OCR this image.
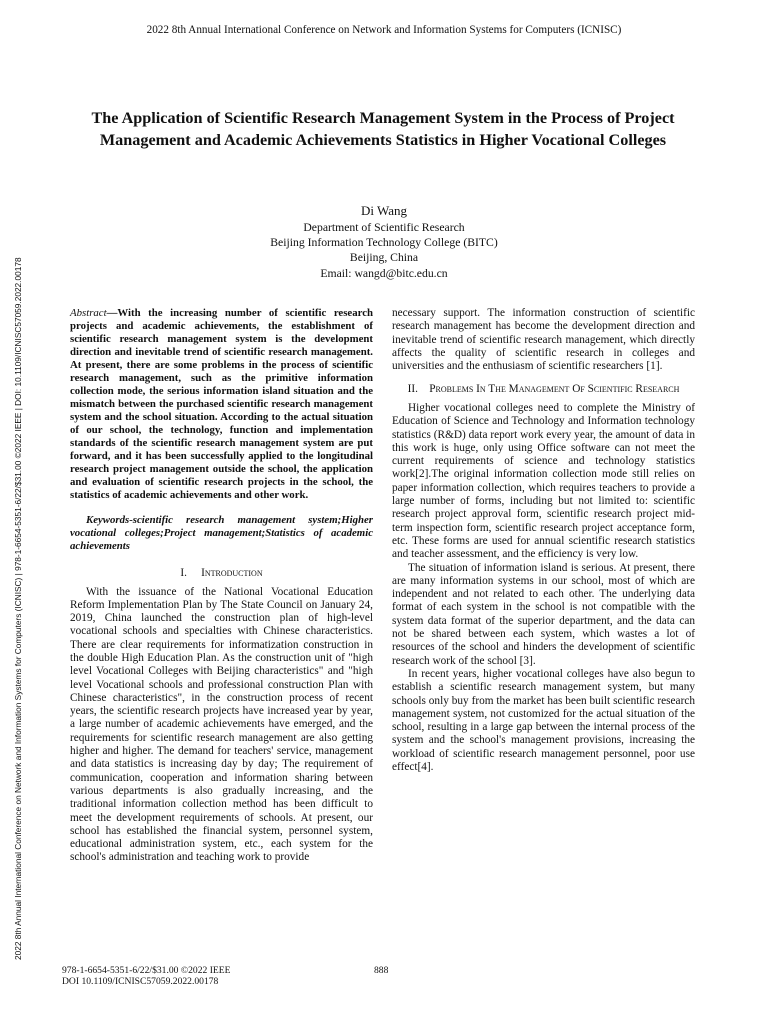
2022 8th Annual International Conference on Network and Information Systems for Computers (ICNISC)
2022 8th Annual International Conference on Network and Information Systems for Computers (ICNISC) | 978-1-6654-5351-6/22/$31.00 ©2022 IEEE | DOI: 10.1109/ICNISC57059.2022.00178
The Application of Scientific Research Management System in the Process of Project Management and Academic Achievements Statistics in Higher Vocational Colleges
Di Wang
Department of Scientific Research
Beijing Information Technology College (BITC)
Beijing, China
Email: wangd@bitc.edu.cn

Abstract—With the increasing number of scientific research projects and academic achievements, the establishment of scientific research management system is the development direction and inevitable trend of scientific research management. At present, there are some problems in the process of scientific research management, such as the primitive information collection mode, the serious information island situation and the mismatch between the purchased scientific research management system and the school situation. According to the actual situation of our school, the technology, function and implementation standards of the scientific research management system are put forward, and it has been successfully applied to the longitudinal research project management outside the school, the application and evaluation of scientific research projects in the school, the statistics of academic achievements and other work.

Keywords-scientific research management system;Higher vocational colleges;Project management;Statistics of academic achievements

I. Introduction

With the issuance of the National Vocational Education Reform Implementation Plan by The State Council on January 24, 2019, China launched the construction plan of high-level vocational schools and specialties with Chinese characteristics. There are clear requirements for informatization construction in the double High Education Plan. As the construction unit of "high level Vocational Colleges with Beijing characteristics" and "high level Vocational schools and professional construction Plan with Chinese characteristics", in the construction process of recent years, the scientific research projects have increased year by year, a large number of academic achievements have emerged, and the requirements for scientific research management are also getting higher and higher. The demand for teachers' service, management and data statistics is increasing day by day; The requirement of communication, cooperation and information sharing between various departments is also gradually increasing, and the traditional information collection method has been difficult to meet the development requirements of schools. At present, our school has established the financial system, personnel system, educational administration system, etc., each system for the school's administration and teaching work to provide

necessary support. The information construction of scientific research management has become the development direction and inevitable trend of scientific research management, which directly affects the quality of scientific research in colleges and universities and the enthusiasm of scientific researchers [1].

II. Problems In The Management Of Scientific Research

Higher vocational colleges need to complete the Ministry of Education of Science and Technology and Information technology statistics (R&D) data report work every year, the amount of data in this work is huge, only using Office software can not meet the current requirements of science and technology statistics work[2].The original information collection mode still relies on paper information collection, which requires teachers to provide a large number of forms, including but not limited to: scientific research project approval form, scientific research project mid-term inspection form, scientific research project acceptance form, etc. These forms are used for annual scientific research statistics and teacher assessment, and the efficiency is very low.

The situation of information island is serious. At present, there are many information systems in our school, most of which are independent and not related to each other. The underlying data format of each system in the school is not compatible with the system data format of the superior department, and the data can not be shared between each system, which wastes a lot of resources of the school and hinders the development of scientific research work of the school [3].

In recent years, higher vocational colleges have also begun to establish a scientific research management system, but many schools only buy from the market has been built scientific research management system, not customized for the actual situation of the school, resulting in a large gap between the internal process of the system and the school's management provisions, increasing the workload of scientific research management personnel, poor use effect[4].

978-1-6654-5351-6/22/$31.00 ©2022 IEEE
DOI 10.1109/ICNISC57059.2022.00178
888
